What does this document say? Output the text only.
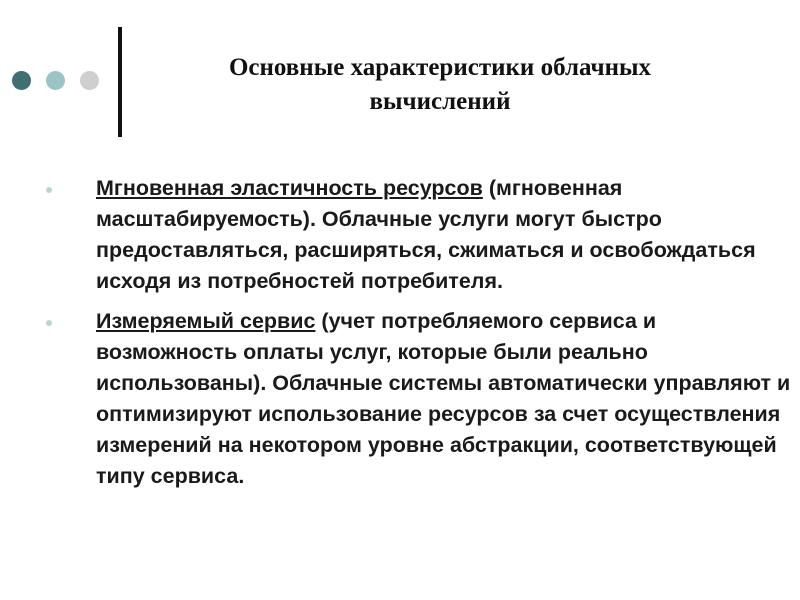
Основные характеристики облачных
вычислений
Мгновенная эластичность ресурсов (мгновенная масштабируемость). Облачные услуги могут быстро предоставляться, расширяться, сжиматься и освобождаться исходя из потребностей потребителя.
Измеряемый сервис (учет потребляемого сервиса и возможность оплаты услуг, которые были реально использованы). Облачные системы автоматически управляют и оптимизируют использование ресурсов за счет осуществления измерений на некотором уровне абстракции, соответствующей типу сервиса.
